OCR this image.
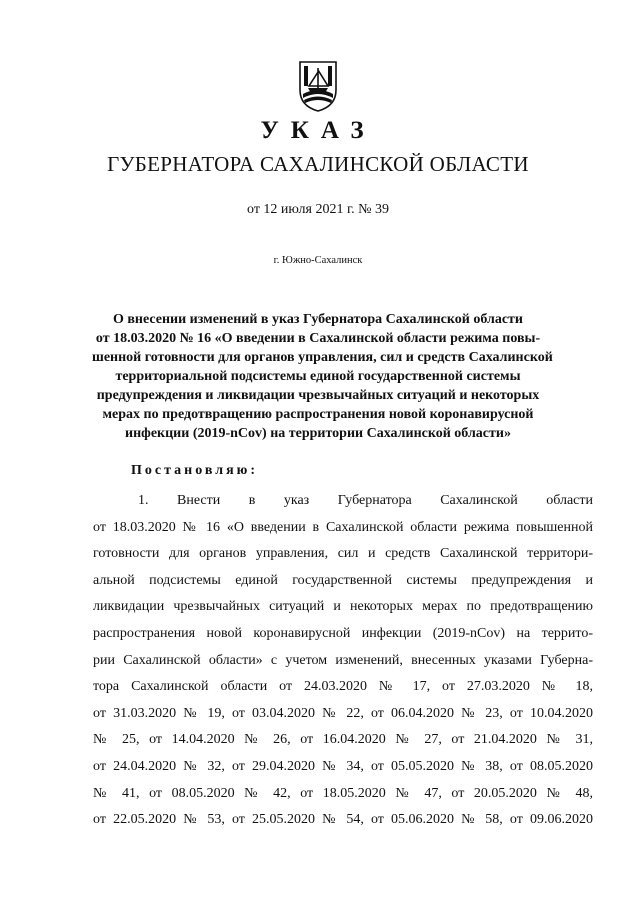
УКАЗ
ГУБЕРНАТОРА САХАЛИНСКОЙ ОБЛАСТИ
от 12 июля 2021 г. № 39
г. Южно-Сахалинск
О внесении изменений в указ Губернатора Сахалинской области
от 18.03.2020 № 16 «О введении в Сахалинской области режима повы-
шенной готовности для органов управления, сил и средств Сахалинской
территориальной подсистемы единой государственной системы
предупреждения и ликвидации чрезвычайных ситуаций и некоторых
мерах по предотвращению распространения новой коронавирусной
инфекции (2019-nCov) на территории Сахалинской области»
Постановляю:
1. Внести в указ Губернатора Сахалинской области
от 18.03.2020 № 16 «О введении в Сахалинской области режима повышенной
готовности для органов управления, сил и средств Сахалинской территори-
альной подсистемы единой государственной системы предупреждения и
ликвидации чрезвычайных ситуаций и некоторых мерах по предотвращению
распространения новой коронавирусной инфекции (2019-nCov) на террито-
рии Сахалинской области» с учетом изменений, внесенных указами Губерна-
тора Сахалинской области от 24.03.2020 № 17, от 27.03.2020 № 18,
от 31.03.2020 № 19, от 03.04.2020 № 22, от 06.04.2020 № 23, от 10.04.2020
№ 25, от 14.04.2020 № 26, от 16.04.2020 № 27, от 21.04.2020 № 31,
от 24.04.2020 № 32, от 29.04.2020 № 34, от 05.05.2020 № 38, от 08.05.2020
№ 41, от 08.05.2020 № 42, от 18.05.2020 № 47, от 20.05.2020 № 48,
от 22.05.2020 № 53, от 25.05.2020 № 54, от 05.06.2020 № 58, от 09.06.2020
